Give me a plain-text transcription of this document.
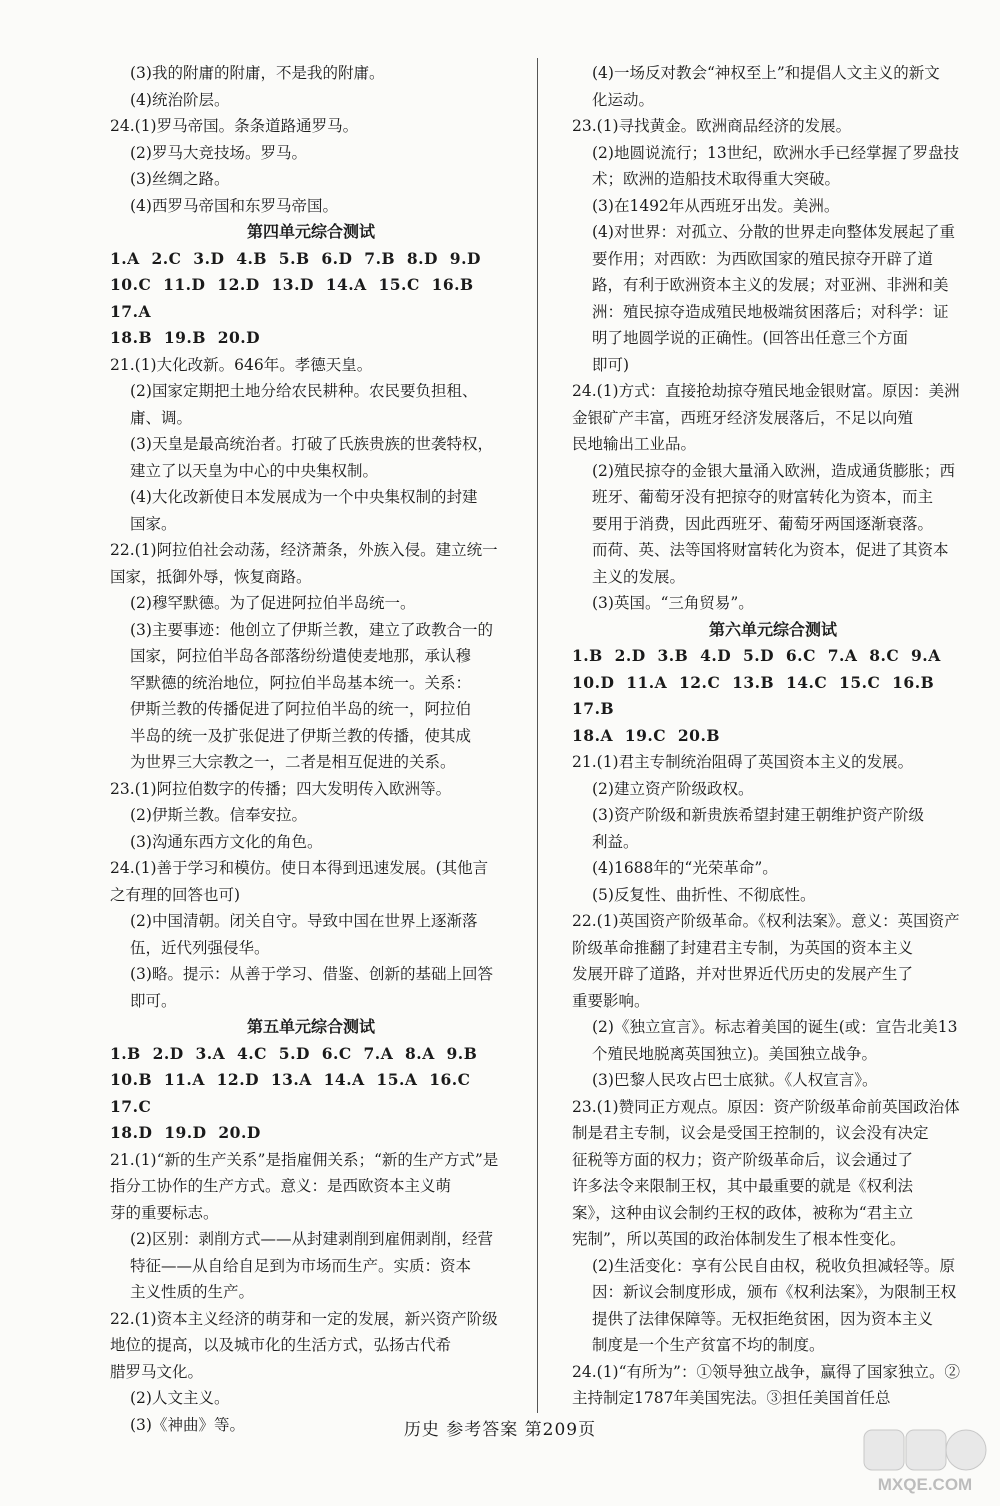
(3)我的附庸的附庸，不是我的附庸。
(4)统治阶层。
24.(1)罗马帝国。条条道路通罗马。
(2)罗马大竞技场。罗马。
(3)丝绸之路。
(4)西罗马帝国和东罗马帝国。
第四单元综合测试
1.A  2.C  3.D  4.B  5.B  6.D  7.B  8.D  9.D
10.C  11.D  12.D  13.D  14.A  15.C  16.B  17.A
18.B  19.B  20.D
21.(1)大化改新。646年。孝德天皇。
(2)国家定期把土地分给农民耕种。农民要负担租、
庸、调。
(3)天皇是最高统治者。打破了氏族贵族的世袭特权，
建立了以天皇为中心的中央集权制。
(4)大化改新使日本发展成为一个中央集权制的封建
国家。
22.(1)阿拉伯社会动荡，经济萧条，外族入侵。建立统一
国家，抵御外辱，恢复商路。
(2)穆罕默德。为了促进阿拉伯半岛统一。
(3)主要事迹：他创立了伊斯兰教，建立了政教合一的
国家，阿拉伯半岛各部落纷纷遣使麦地那，承认穆
罕默德的统治地位，阿拉伯半岛基本统一。关系：
伊斯兰教的传播促进了阿拉伯半岛的统一，阿拉伯
半岛的统一及扩张促进了伊斯兰教的传播，使其成
为世界三大宗教之一，二者是相互促进的关系。
23.(1)阿拉伯数字的传播；四大发明传入欧洲等。
(2)伊斯兰教。信奉安拉。
(3)沟通东西方文化的角色。
24.(1)善于学习和模仿。使日本得到迅速发展。(其他言
之有理的回答也可)
(2)中国清朝。闭关自守。导致中国在世界上逐渐落
伍，近代列强侵华。
(3)略。提示：从善于学习、借鉴、创新的基础上回答
即可。
第五单元综合测试
1.B  2.D  3.A  4.C  5.D  6.C  7.A  8.A  9.B
10.B  11.A  12.D  13.A  14.A  15.A  16.C  17.C
18.D  19.D  20.D
21.(1)“新的生产关系”是指雇佣关系；“新的生产方式”是
指分工协作的生产方式。意义：是西欧资本主义萌
芽的重要标志。
(2)区别：剥削方式——从封建剥削到雇佣剥削，经营
特征——从自给自足到为市场而生产。实质：资本
主义性质的生产。
22.(1)资本主义经济的萌芽和一定的发展，新兴资产阶级
地位的提高，以及城市化的生活方式，弘扬古代希
腊罗马文化。
(2)人文主义。
(3)《神曲》等。
(4)一场反对教会“神权至上”和提倡人文主义的新文
化运动。
23.(1)寻找黄金。欧洲商品经济的发展。
(2)地圆说流行；13世纪，欧洲水手已经掌握了罗盘技
术；欧洲的造船技术取得重大突破。
(3)在1492年从西班牙出发。美洲。
(4)对世界：对孤立、分散的世界走向整体发展起了重
要作用；对西欧：为西欧国家的殖民掠夺开辟了道
路，有利于欧洲资本主义的发展；对亚洲、非洲和美
洲：殖民掠夺造成殖民地极端贫困落后；对科学：证
明了地圆学说的正确性。(回答出任意三个方面
即可)
24.(1)方式：直接抢劫掠夺殖民地金银财富。原因：美洲
金银矿产丰富，西班牙经济发展落后，不足以向殖
民地输出工业品。
(2)殖民掠夺的金银大量涌入欧洲，造成通货膨胀；西
班牙、葡萄牙没有把掠夺的财富转化为资本，而主
要用于消费，因此西班牙、葡萄牙两国逐渐衰落。
而荷、英、法等国将财富转化为资本，促进了其资本
主义的发展。
(3)英国。“三角贸易”。
第六单元综合测试
1.B  2.D  3.B  4.D  5.D  6.C  7.A  8.C  9.A
10.D  11.A  12.C  13.B  14.C  15.C  16.B  17.B
18.A  19.C  20.B
21.(1)君主专制统治阻碍了英国资本主义的发展。
(2)建立资产阶级政权。
(3)资产阶级和新贵族希望封建王朝维护资产阶级
利益。
(4)1688年的“光荣革命”。
(5)反复性、曲折性、不彻底性。
22.(1)英国资产阶级革命。《权利法案》。意义：英国资产
阶级革命推翻了封建君主专制，为英国的资本主义
发展开辟了道路，并对世界近代历史的发展产生了
重要影响。
(2)《独立宣言》。标志着美国的诞生(或：宣告北美13
个殖民地脱离英国独立)。美国独立战争。
(3)巴黎人民攻占巴士底狱。《人权宣言》。
23.(1)赞同正方观点。原因：资产阶级革命前英国政治体
制是君主专制，议会是受国王控制的，议会没有决定
征税等方面的权力；资产阶级革命后，议会通过了
许多法令来限制王权，其中最重要的就是《权利法
案》，这种由议会制约王权的政体，被称为“君主立
宪制”，所以英国的政治体制发生了根本性变化。
(2)生活变化：享有公民自由权，税收负担减轻等。原
因：新议会制度形成，颁布《权利法案》，为限制王权
提供了法律保障等。无权拒绝贫困，因为资本主义
制度是一个生产贫富不均的制度。
24.(1)“有所为”：①领导独立战争，赢得了国家独立。②
主持制定1787年美国宪法。③担任美国首任总
历史 参考答案 第209页
MXQE.COM
